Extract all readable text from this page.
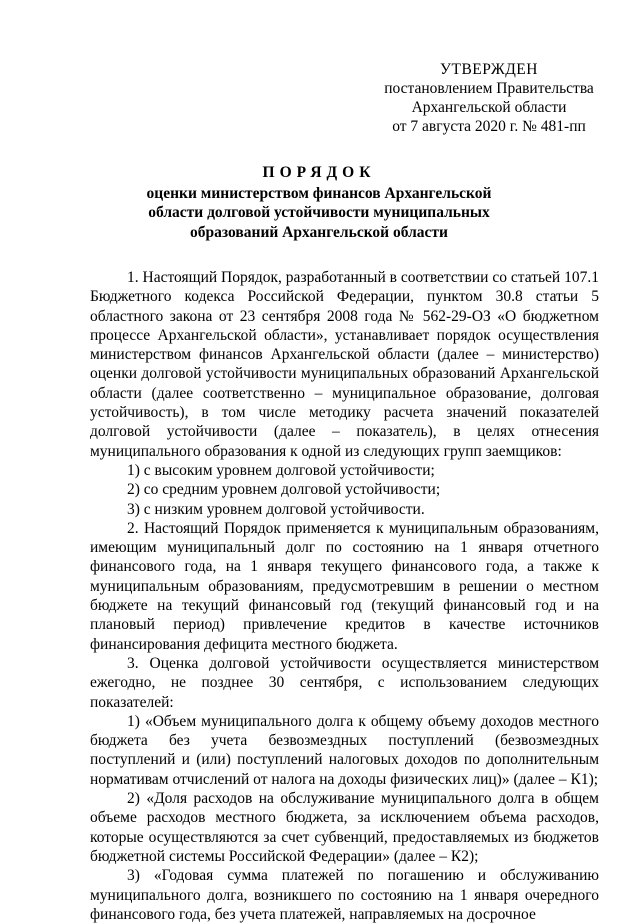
УТВЕРЖДЕН
постановлением Правительства
Архангельской области
от 7 августа 2020 г. № 481-пп
ПОРЯДОК
оценки министерством финансов Архангельской
области долговой устойчивости муниципальных
образований Архангельской области

1. Настоящий Порядок, разработанный в соответствии со статьей 107.1 Бюджетного кодекса Российской Федерации, пунктом 30.8 статьи 5 областного закона от 23 сентября 2008 года № 562-29-ОЗ «О бюджетном процессе Архангельской области», устанавливает порядок осуществления министерством финансов Архангельской области (далее – министерство) оценки долговой устойчивости муниципальных образований Архангельской области (далее соответственно – муниципальное образование, долговая устойчивость), в том числе методику расчета значений показателей долговой устойчивости (далее – показатель), в целях отнесения муниципального образования к одной из следующих групп заемщиков:

1) с высоким уровнем долговой устойчивости;

2) со средним уровнем долговой устойчивости;

3) с низким уровнем долговой устойчивости.

2. Настоящий Порядок применяется к муниципальным образованиям, имеющим муниципальный долг по состоянию на 1 января отчетного финансового года, на 1 января текущего финансового года, а также к муниципальным образованиям, предусмотревшим в решении о местном бюджете на текущий финансовый год (текущий финансовый год и на плановый период) привлечение кредитов в качестве источников финансирования дефицита местного бюджета.

3. Оценка долговой устойчивости осуществляется министерством ежегодно, не позднее 30 сентября, с использованием следующих показателей:

1) «Объем муниципального долга к общему объему доходов местного бюджета без учета безвозмездных поступлений (безвозмездных поступлений и (или) поступлений налоговых доходов по дополнительным нормативам отчислений от налога на доходы физических лиц)» (далее – К1);

2) «Доля расходов на обслуживание муниципального долга в общем объеме расходов местного бюджета, за исключением объема расходов, которые осуществляются за счет субвенций, предоставляемых из бюджетов бюджетной системы Российской Федерации» (далее – К2);

3) «Годовая сумма платежей по погашению и обслуживанию муниципального долга, возникшего по состоянию на 1 января очередного финансового года, без учета платежей, направляемых на досрочное
